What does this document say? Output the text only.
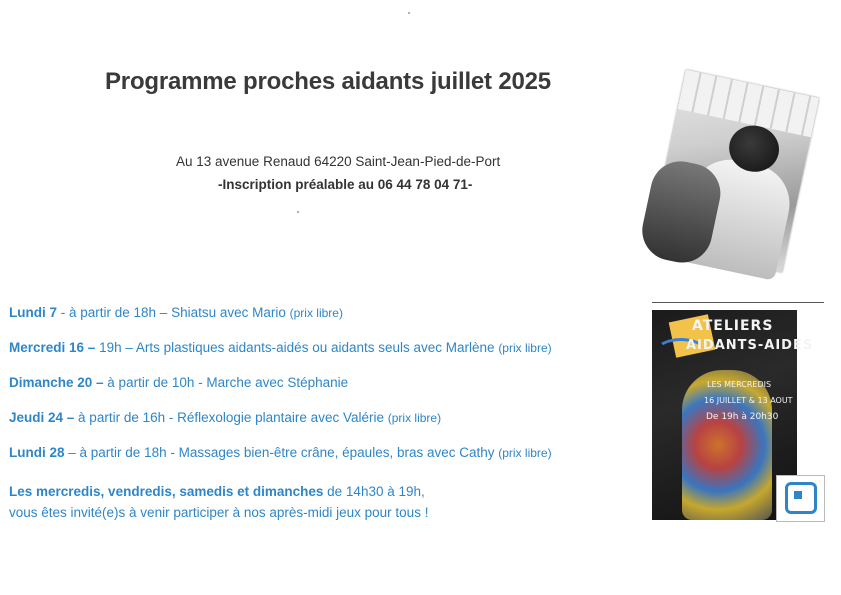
Programme proches aidants juillet 2025
Au 13 avenue Renaud 64220 Saint-Jean-Pied-de-Port
-Inscription préalable au 06 44 78 04 71-
Lundi 7 - à partir de 18h – Shiatsu avec Mario (prix libre)
Mercredi 16 – 19h – Arts plastiques aidants-aidés ou aidants seuls avec Marlène (prix libre)
Dimanche 20 – à partir de 10h - Marche avec Stéphanie
Jeudi 24 – à partir de 16h - Réflexologie plantaire avec Valérie (prix libre)
Lundi 28 – à partir de 18h - Massages bien-être crâne, épaules, bras avec Cathy (prix libre)
Les mercredis, vendredis, samedis et dimanches de 14h30 à 19h,
vous êtes invité(e)s à venir participer à nos après-midi jeux pour tous !
ATELIERS
AIDANTS-AIDES
LES MERCREDIS
16 JUILLET & 13 AOUT
De 19h à 20h30
